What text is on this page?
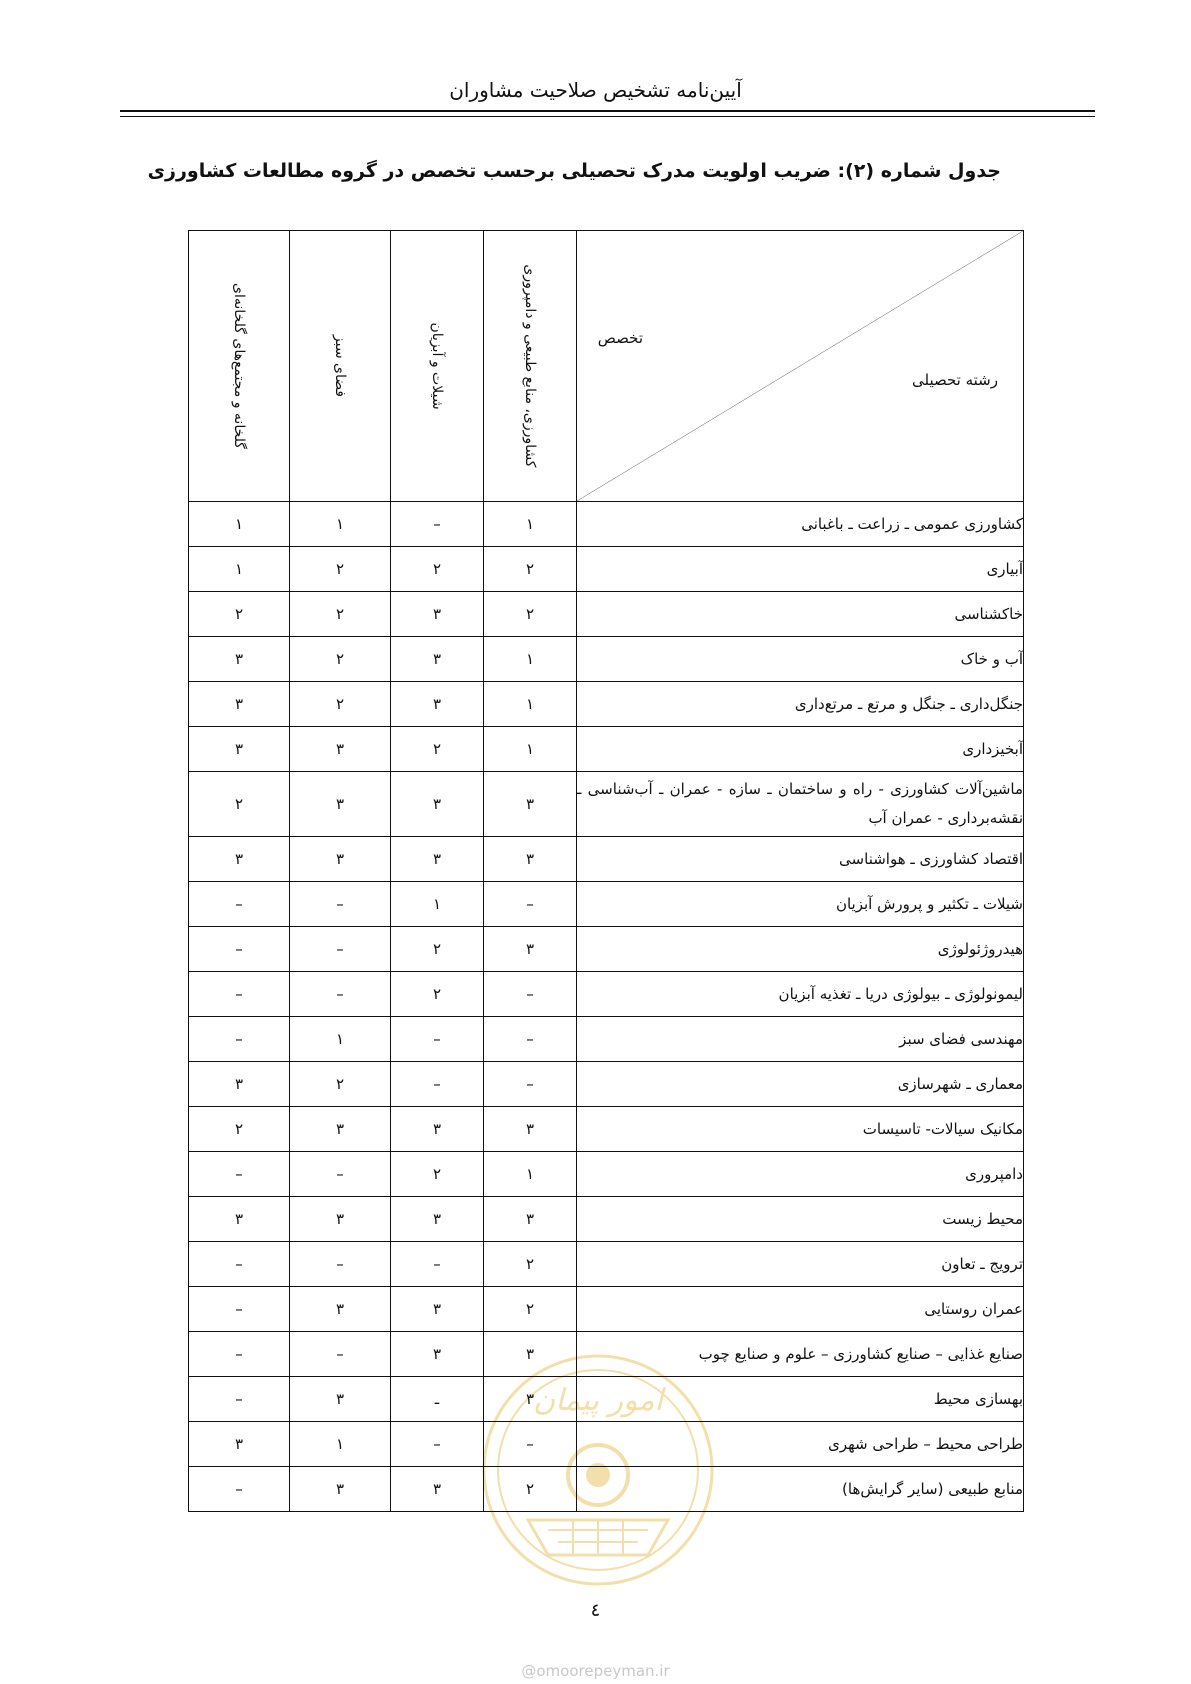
آیین‌نامه تشخیص صلاحیت مشاوران
جدول شماره (۲): ضریب اولویت مدرک تحصیلی برحسب تخصص در گروه مطالعات کشاورزی
امور پیمان
تخصص
رشته تحصیلی	کشاورزی، منابع طبیعی و دامپروری	شیلات و آبزیان	فضای سبز	گلخانه و مجتمع‌های گلخانه‌ای

کشاورزی عمومی ـ زراعت ـ باغبانی	۱	–	۱	۱
آبیاری	۲	۲	۲	۱
خاکشناسی	۲	۳	۲	۲
آب و خاک	۱	۳	۲	۳
جنگل‌داری ـ جنگل و مرتع ـ مرتع‌داری	۱	۳	۲	۳
آبخیزداری	۱	۲	۳	۳
ماشین‌آلات کشاورزی - راه و ساختمان ـ سازه - عمران ـ آب‌شناسی ـ نقشه‌برداری - عمران آب	۳	۳	۳	۲
اقتصاد کشاورزی ـ هواشناسی	۳	۳	۳	۳
شیلات ـ تکثیر و پرورش آبزیان	–	۱	–	–
هیدروژئولوژی	۳	۲	–	–
لیمونولوژی ـ بیولوژی دریا ـ تغذیه آبزیان	–	۲	–	–
مهندسی فضای سبز	–	–	۱	–
معماری ـ شهرسازی	–	–	۲	۳
مکانیک سیالات- تاسیسات	۳	۳	۳	۲
دامپروری	۱	۲	–	–
محیط زیست	۳	۳	۳	۳
ترویج ـ تعاون	۲	–	–	–
عمران روستایی	۲	۳	۳	–
صنایع غذایی – صنایع کشاورزی – علوم و صنایع چوب	۳	۳	–	–
بهسازی محیط	۳	ـ	۳	–
طراحی محیط – طراحی شهری	–	–	۱	۳
منابع طبیعی (سایر گرایش‌ها)	۲	۳	۳	–
٤
@omoorepeyman.ir
